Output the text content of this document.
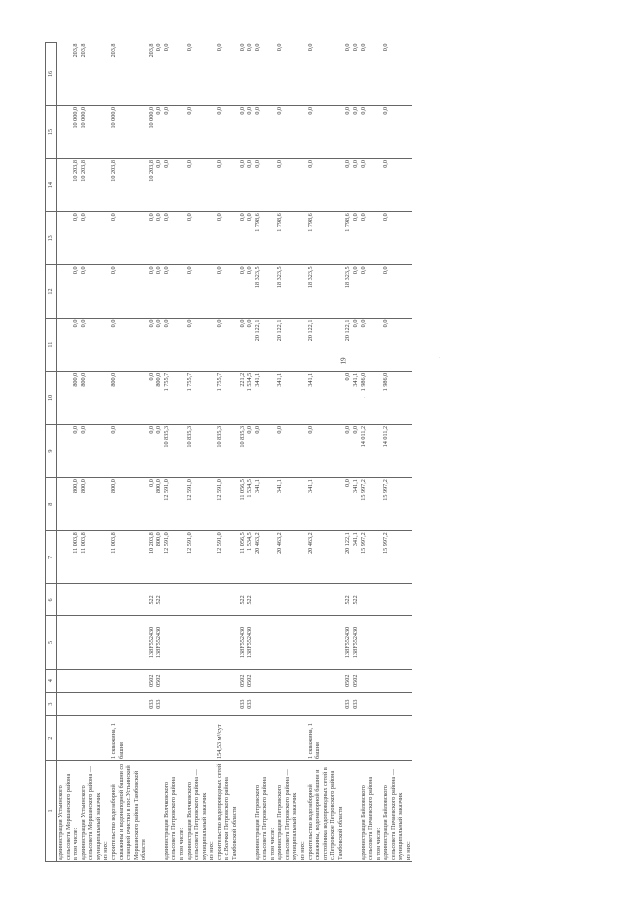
19
·
·
1	2	3	4	5	6	7	8	9	10	11	12	13	14	15	16
администрация Устьинского сельсовета Моршанского района															
в том числе:						11 003,8	800,0	0,0	800,0	0,0	0,0	0,0	10 203,8	10 000,0	203,8
администрация Устьинского сельсовета Моршанского района — муниципальный заказчик						11 003,8	800,0	0,0	800,0	0,0	0,0	0,0	10 203,8	10 000,0	203,8
из них:															
строительство водозаборной скважины и водонапорной башни со станцией очистки в пос.Устьинский Моршанского района Тамбовской области	1 скважина, 1 башня					11 003,8	800,0	0,0	800,0	0,0	0,0	0,0	10 203,8	10 000,0	203,8
		033	0502	138F552430	522	10 203,8	0,0	0,0	0,0	0,0	0,0	0,0	10 203,8	10 000,0	203,8
		033	0502	138F552430	522	800,0	800,0	0,0	800,0	0,0	0,0	0,0	0,0	0,0	0,0
администрация Волчковского сельсовета Петровского района						12 591,0	12 591,0	10 835,3	1 755,7	0,0	0,0	0,0	0,0	0,0	0,0
в том числе:															
администрация Волчковского сельсовета Петровского района — муниципальный заказчик						12 591,0	12 591,0	10 835,3	1 755,7	0,0	0,0	0,0	0,0	0,0	0,0
из них:															
строительство водопроводных сетей в с.Волчки Петровского района Тамбовской области	154,53 м³/сут					12 591,0	12 591,0	10 835,3	1 755,7	0,0	0,0	0,0	0,0	0,0	0,0
		033	0502	138F552430	522	11 056,5	11 056,5	10 835,3	221,2	0,0	0,0	0,0	0,0	0,0	0,0
		033	0502	138F552430	522	1 534,5	1 534,5	0,0	1 534,5	0,0	0,0	0,0	0,0	0,0	0,0
администрация Петровского сельсовета Петровского района						20 463,2	341,1	0,0	341,1	20 122,1	18 323,5	1 798,6	0,0	0,0	0,0
в том числе:															
администрация Петровского сельсовета Петровского района — муниципальный заказчик						20 463,2	341,1	0,0	341,1	20 122,1	18 323,5	1 798,6	0,0	0,0	0,0
из них:															
строительство водозаборной скважины, водонапорной башни и отстойника водопроводных сетей в с.Петровское Петровского района Тамбовской области	1 скважина, 1 башня					20 463,2	341,1	0,0	341,1	20 122,1	18 323,5	1 798,6	0,0	0,0	0,0
		033	0502	138F552430	522	20 122,1	0,0	0,0	0,0	20 122,1	18 323,5	1 798,6	0,0	0,0	0,0
		033	0502	138F552430	522	341,1	341,1	0,0	341,1	0,0	0,0	0,0	0,0	0,0	0,0
администрация Байловского сельсовета Пичаевского района						15 997,2	15 997,2	14 011,2	1 986,0	0,0	0,0	0,0	0,0	0,0	0,0
в том числе:															
администрация Байловского сельсовета Пичаевского района — муниципальный заказчик						15 997,2	15 997,2	14 011,2	1 986,0	0,0	0,0	0,0	0,0	0,0	0,0
из них:															
